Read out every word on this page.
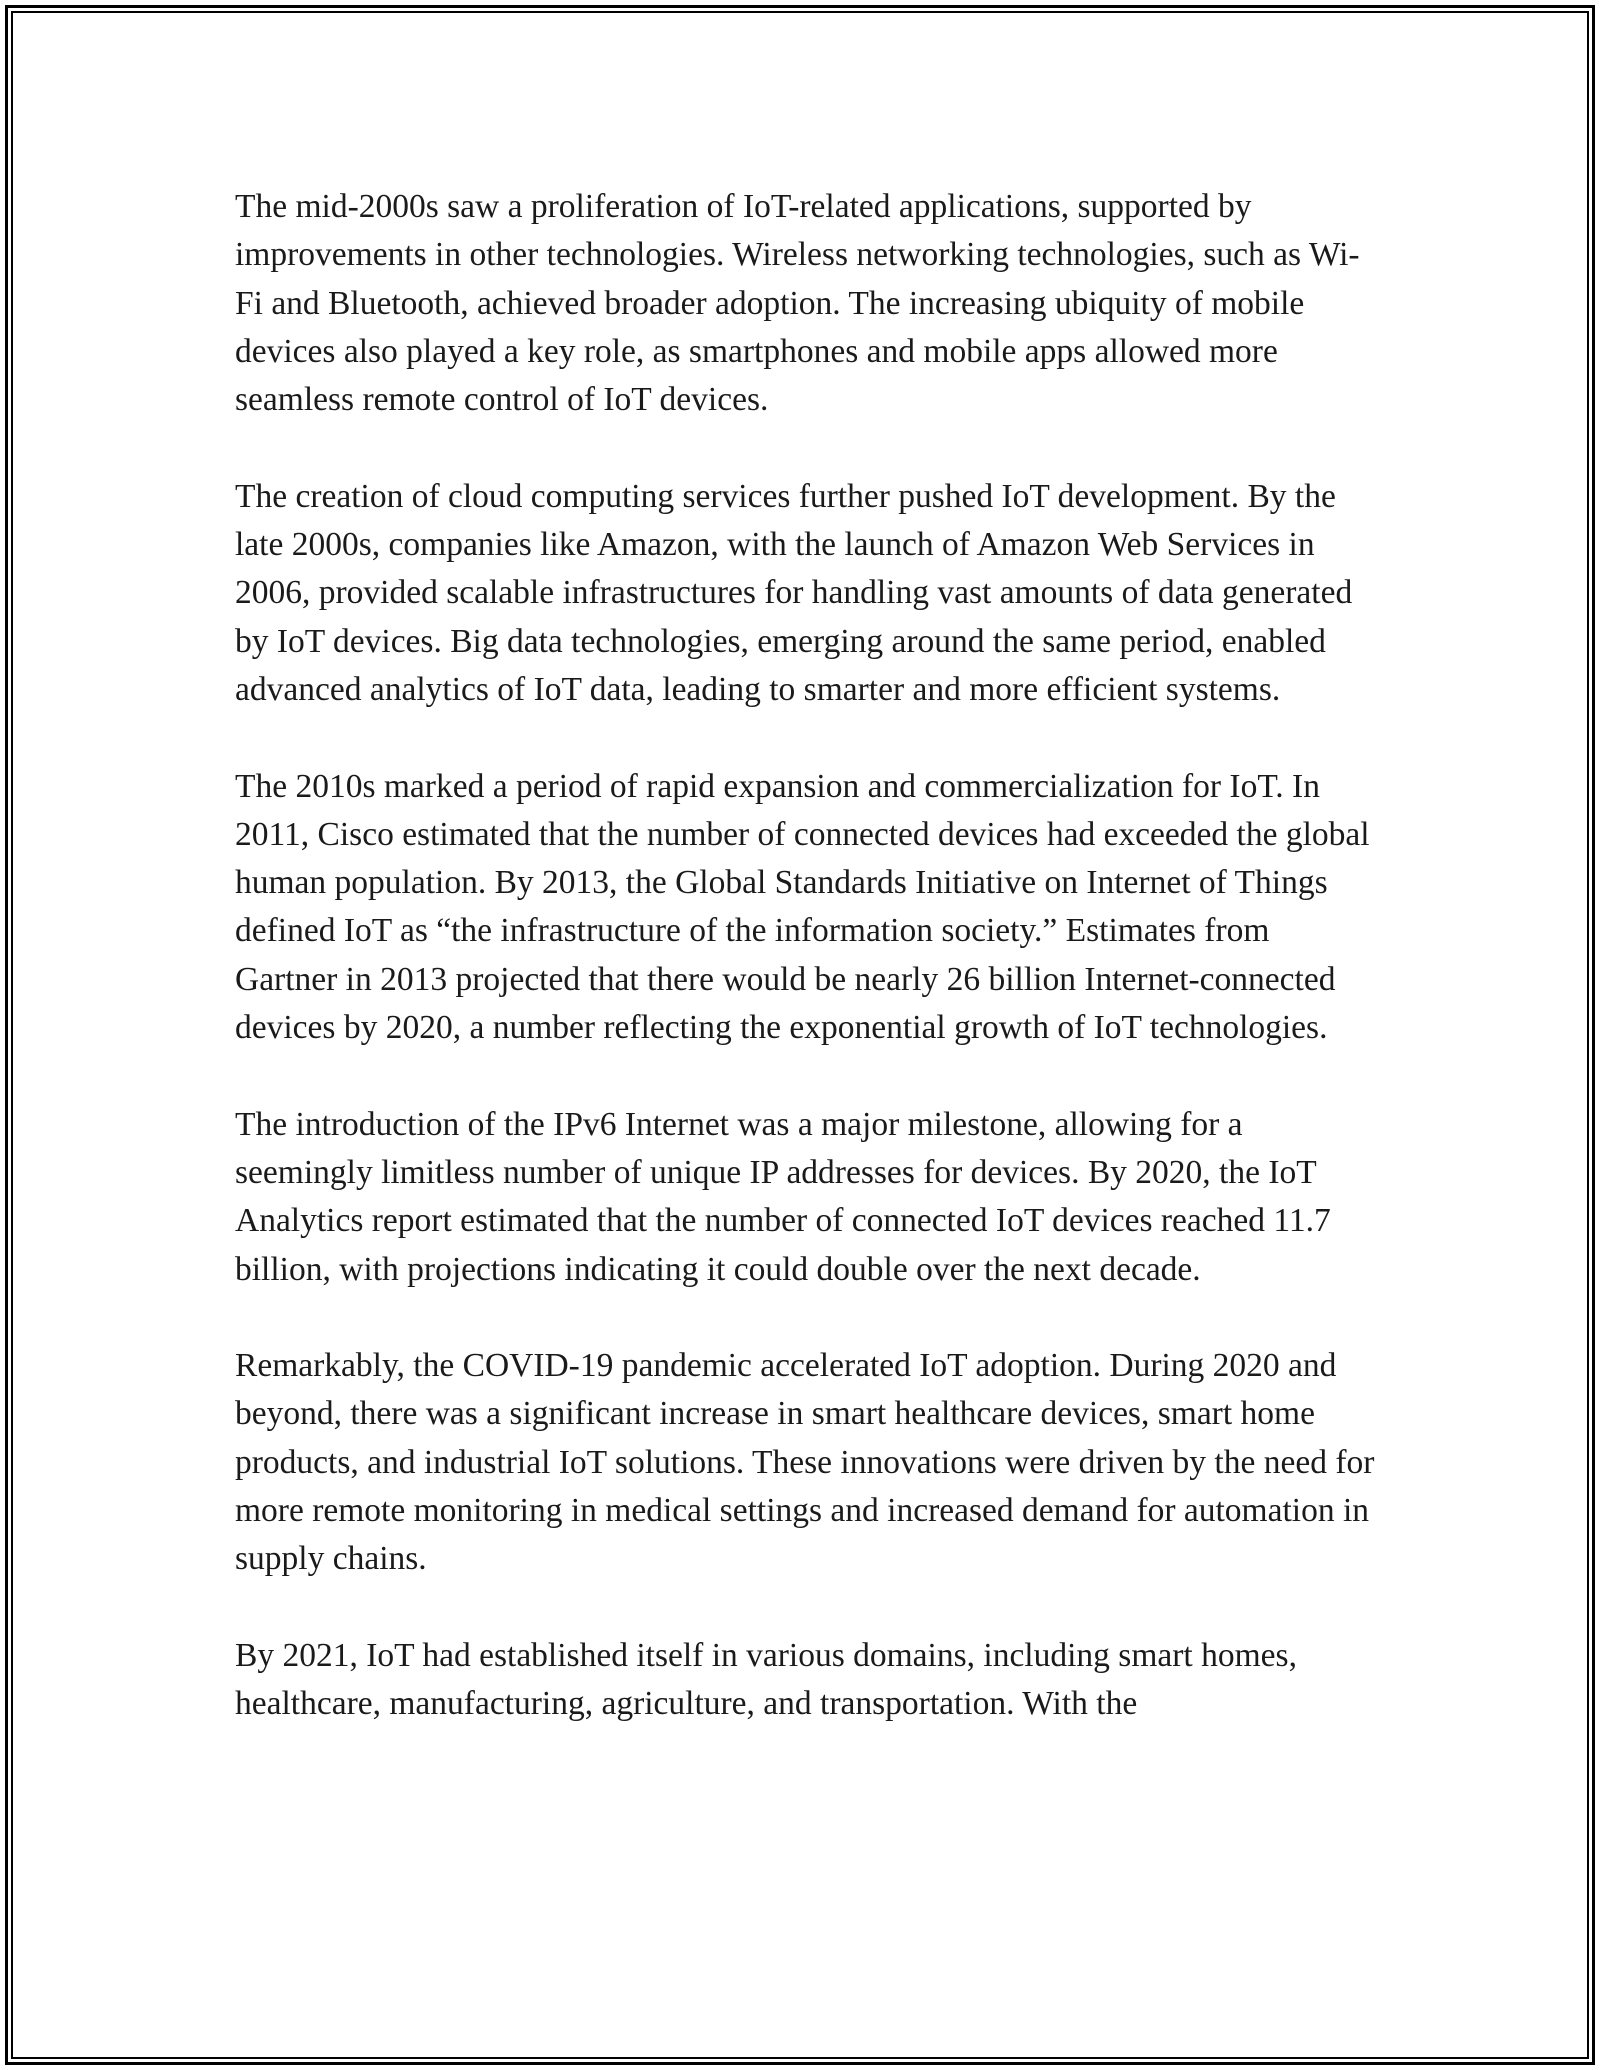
The mid-2000s saw a proliferation of IoT-related applications, supported by improvements in other technologies. Wireless networking technologies, such as Wi-Fi and Bluetooth, achieved broader adoption. The increasing ubiquity of mobile devices also played a key role, as smartphones and mobile apps allowed more seamless remote control of IoT devices.

The creation of cloud computing services further pushed IoT development. By the late 2000s, companies like Amazon, with the launch of Amazon Web Services in 2006, provided scalable infrastructures for handling vast amounts of data generated by IoT devices. Big data technologies, emerging around the same period, enabled advanced analytics of IoT data, leading to smarter and more efficient systems.

The 2010s marked a period of rapid expansion and commercialization for IoT. In 2011, Cisco estimated that the number of connected devices had exceeded the global human population. By 2013, the Global Standards Initiative on Internet of Things defined IoT as “the infrastructure of the information society.” Estimates from Gartner in 2013 projected that there would be nearly 26 billion Internet-connected devices by 2020, a number reflecting the exponential growth of IoT technologies.

The introduction of the IPv6 Internet was a major milestone, allowing for a seemingly limitless number of unique IP addresses for devices. By 2020, the IoT Analytics report estimated that the number of connected IoT devices reached 11.7 billion, with projections indicating it could double over the next decade.

Remarkably, the COVID-19 pandemic accelerated IoT adoption. During 2020 and beyond, there was a significant increase in smart healthcare devices, smart home products, and industrial IoT solutions. These innovations were driven by the need for more remote monitoring in medical settings and increased demand for automation in supply chains.

By 2021, IoT had established itself in various domains, including smart homes, healthcare, manufacturing, agriculture, and transportation. With the
